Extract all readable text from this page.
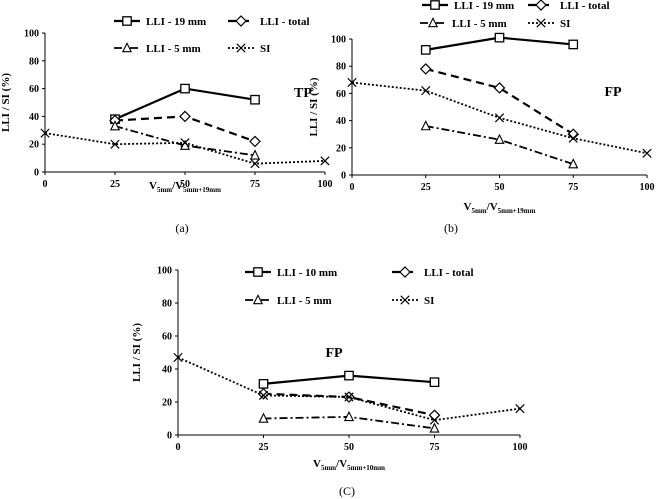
0
20
40
60
80
100
0	25	50	75	100
LLI / SI (%)
$V_{5mm}/V_{5mm+19mm}$
TP
(a)
LLI - 19 mm	LLI - total
LLI - 5 mm	SI
0
20
40
60
80
100
0	25	50	75	100
LLI / SI (%)
$V_{5mm}/V_{5mm+19mm}$
FP
(b)
LLI - 19 mm	LLI - total
LLI - 5 mm	SI
0
20
40
60
80
100
0	25	50	75	100
LLI / SI (%)
$V_{5mm}/V_{5mm+10mm}$
FP
(C)
LLI - 10 mm	LLI - total
LLI - 5 mm	SI
